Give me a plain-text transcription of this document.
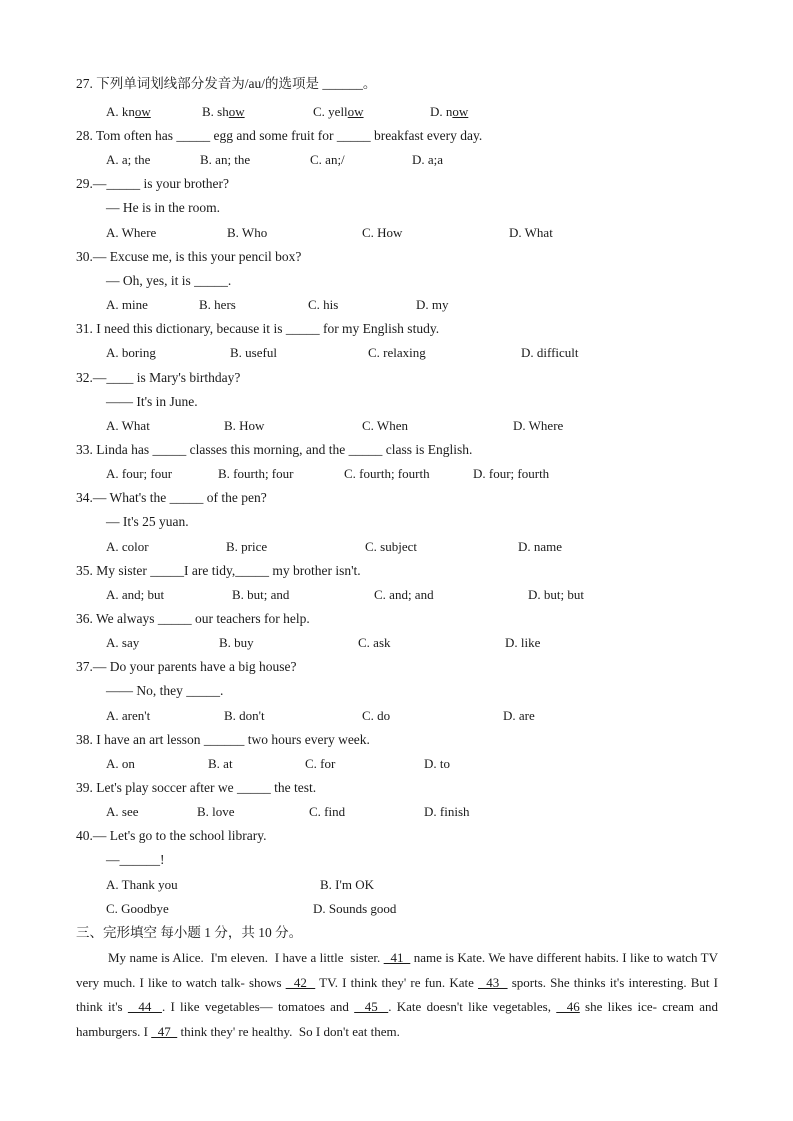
27. 下列单词划线部分发音为/au/的选项是 ______。
A. know	B. show	C. yellow	D. now
28. Tom often has _____ egg and some fruit for _____ breakfast every day.
A. a; the	B. an; the	C. an;/	D. a;a
29.—_____ is your brother?
— He is in the room.
A. Where	B. Who	C. How	D. What
30.— Excuse me, is this your pencil box?
— Oh, yes, it is _____.
A. mine	B. hers	C. his	D. my
31. I need this dictionary, because it is _____ for my English study.
A. boring	B. useful	C. relaxing	D. difficult
32.—____ is Mary's birthday?
—— It's in June.
A. What	B. How	C. When	D. Where
33. Linda has _____ classes this morning, and the _____ class is English.
A. four; four	B. fourth; four	C. fourth; fourth	D. four; fourth
34.— What's the _____ of the pen?
— It's 25 yuan.
A. color	B. price	C. subject	D. name
35. My sister _____I are tidy,_____ my brother isn't.
A. and; but	B. but; and	C. and; and	D. but; but
36. We always _____ our teachers for help.
A. say	B. buy	C. ask	D. like
37.— Do your parents have a big house?
—— No, they _____.
A. aren't	B. don't	C. do	D. are
38. I have an art lesson ______ two hours every week.
A. on	B. at	C. for	D. to
39. Let's play soccer after we _____ the test.
A. see	B. love	C. find	D. finish
40.— Let's go to the school library.
—______!
A. Thank you	B. I'm OK
C. Goodbye	D. Sounds good
三、完形填空 每小题 1 分，共 10 分。
My name is Alice.  I'm eleven.  I have a little  sister.   41   name is Kate. We have different habits. I like to watch TV very much. I like to watch talk- shows   42   TV. I think they' re fun. Kate   43   sports. She thinks it's interesting. But I think it's   44  . I like vegetables— tomatoes and   45  . Kate doesn't like vegetables,   46 she likes ice- cream and hamburgers. I   47   think they' re healthy.  So I don't eat them.
